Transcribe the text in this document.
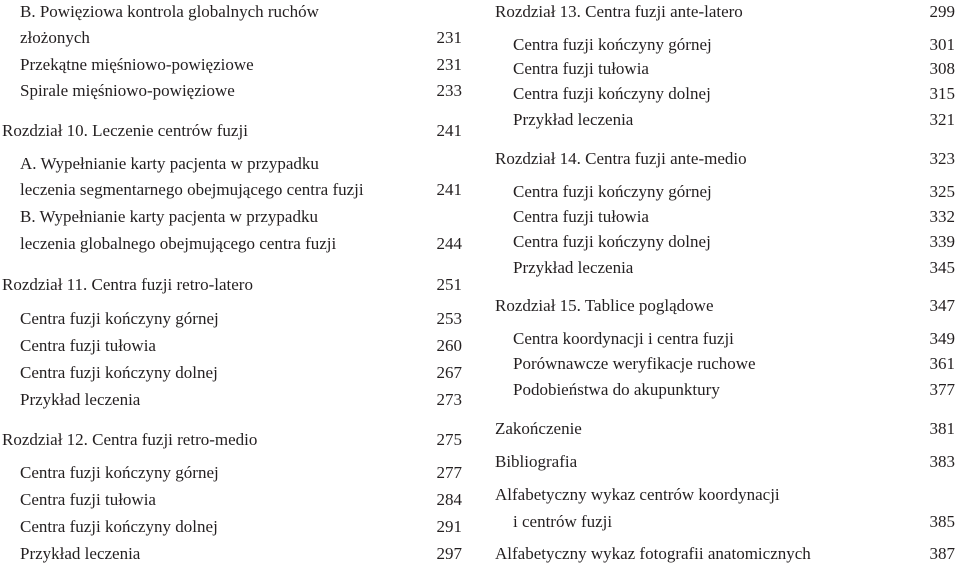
B. Powięziowa kontrola globalnych ruchów
złożonych	231
Przekątne mięśniowo-powięziowe	231
Spirale mięśniowo-powięziowe	233
Rozdział 10. Leczenie centrów fuzji	241
A. Wypełnianie karty pacjenta w przypadku
leczenia segmentarnego obejmującego centra fuzji	241
B. Wypełnianie karty pacjenta w przypadku
leczenia globalnego obejmującego centra fuzji	244
Rozdział 11. Centra fuzji retro-latero	251
Centra fuzji kończyny górnej	253
Centra fuzji tułowia	260
Centra fuzji kończyny dolnej	267
Przykład leczenia	273
Rozdział 12. Centra fuzji retro-medio	275
Centra fuzji kończyny górnej	277
Centra fuzji tułowia	284
Centra fuzji kończyny dolnej	291
Przykład leczenia	297
Rozdział 13. Centra fuzji ante-latero	299
Centra fuzji kończyny górnej	301
Centra fuzji tułowia	308
Centra fuzji kończyny dolnej	315
Przykład leczenia	321
Rozdział 14. Centra fuzji ante-medio	323
Centra fuzji kończyny górnej	325
Centra fuzji tułowia	332
Centra fuzji kończyny dolnej	339
Przykład leczenia	345
Rozdział 15. Tablice poglądowe	347
Centra koordynacji i centra fuzji	349
Porównawcze weryfikacje ruchowe	361
Podobieństwa do akupunktury	377
Zakończenie	381
Bibliografia	383
Alfabetyczny wykaz centrów koordynacji
i centrów fuzji	385
Alfabetyczny wykaz fotografii anatomicznych	387
